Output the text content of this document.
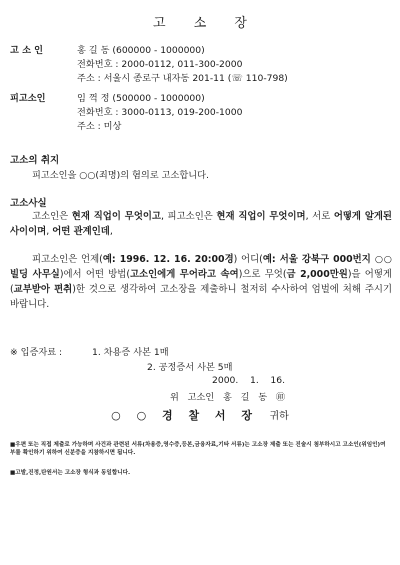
고 소 장
고 소 인	홍 길 동 (600000 - 1000000)
전화번호 : 2000-0112, 011-300-2000
주소 : 서울시 종로구 내자동 201-11 (☏ 110-798)
피고소인	임 꺽 정 (500000 - 1000000)
전화번호 : 3000-0113, 019-200-1000
주소 : 미상
고소의 취지
피고소인을 ○○(죄명)의 혐의로 고소합니다.
고소사실
고소인은 현재 직업이 무엇이고, 피고소인은 현재 직업이 무엇이며, 서로 어떻게 알게된 사이이며, 어떤 관계인데,
피고소인은 언제(예: 1996. 12. 16. 20:00경) 어디(예: 서울 강북구 000번지 ○○빌딩 사무실)에서 어떤 방법(고소인에게 무어라고 속여)으로 무엇(금 2,000만원)을 어떻게(교부받아 편취)한 것으로 생각하여 고소장을 제출하니 철저히 수사하여 엄벌에 처해 주시기 바랍니다.
※ 입증자료 :	1. 차용증 사본 1매
2. 공정증서 사본 5매
2000.    1.    16.
위   고소인   홍   길   동   ㊞
○ ○ 경 찰 서 장 귀하
■우편 또는 직접 제출로 가능하며 사건과 관련된 서류(차용증,영수증,등본,금융자료,기타 서류)는 고소장 제출 또는 진술시 첨부하시고 고소인(위임인)여부를 확인하기 위하여 신분증을 지참하시면 됩니다.
■고발,진정,탄원서는 고소장 형식과 동일합니다.
